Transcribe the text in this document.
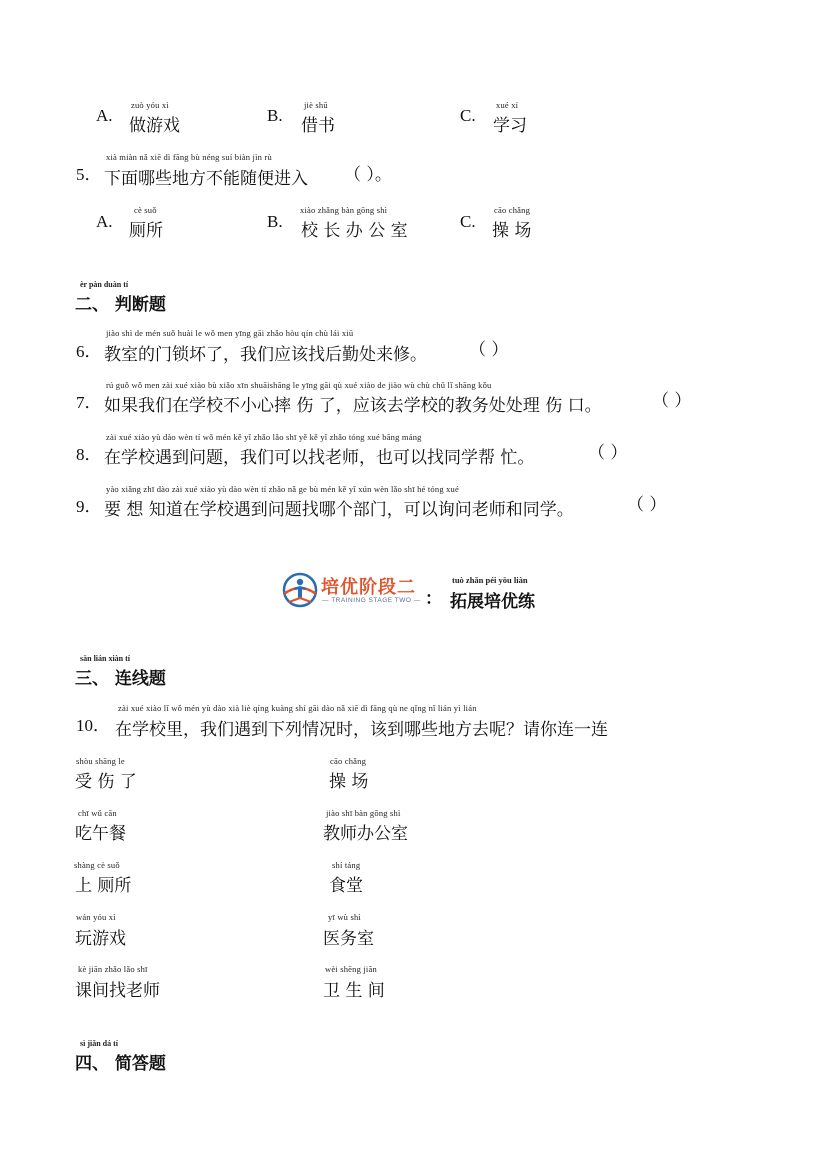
A.
zuò yóu xì
做游戏
B.
jiè shū
借书
C.
xué xí
学习
5．
xià miàn nǎ xiē dì fāng bù néng suí biàn jìn rù
下面哪些地方不能随便进入 （ ）。
A.
cè suǒ
厕所	B.
xiào zhǎng bàn gōng shì
校 长 办 公 室	C.
cāo chǎng
操 场
èr pàn duàn tí
二、 判断题
6．
jiào shì de mén suǒ huài le wǒ men yīng gāi zhǎo hòu qín chù lái xiū
教室的门锁坏了，我们应该找后勤处来修。 （ ）
7．
rú guǒ wǒ men zài xué xiào bù xiǎo xīn shuāishāng le yīng gāi qù xué xiào de jiào wù chù chǔ lǐ shāng kǒu
如果我们在学校不小心摔 伤 了，应该去学校的教务处处理 伤 口。	（ ）
8．
zài xué xiào yù dào wèn tí wǒ mén kě yǐ zhǎo lǎo shī yě kě yǐ zhǎo tóng xué bāng máng
在学校遇到问题，我们可以找老师，也可以找同学帮 忙。	（ ）
9．
yào xiǎng zhī dào zài xué xiào yù dào wèn tí zhǎo nǎ ge bù mén kě yǐ xún wèn lǎo shī hé tóng xué
要 想 知道在学校遇到问题找哪个部门，可以询问老师和同学。	（ ）
培优阶段二
— TRAINING STAGE TWO — ：
tuò zhǎn péi yōu liàn
拓展培优练
sān lián xiàn tí
三、 连线题
10．
zài xué xiào lǐ wǒ mén yù dào xià liè qíng kuàng shí gāi dào nǎ xiē dì fāng qù ne qǐng nǐ lián yì lián
在学校里，我们遇到下列情况时，该到哪些地方去呢？请你连一连
shòu shāng le
受 伤 了
chī wǔ cān
吃午餐
shàng cè suǒ
上 厕所
wán yóu xì
玩游戏
kè jiān zhǎo lǎo shī
课间找老师
cāo chǎng
操 场
jiào shī bàn gōng shì
教师办公室
shí táng
食堂
yī wù shì
医务室
wèi shēng jiān
卫 生 间
sì jiǎn dá tí
四、 简答题
